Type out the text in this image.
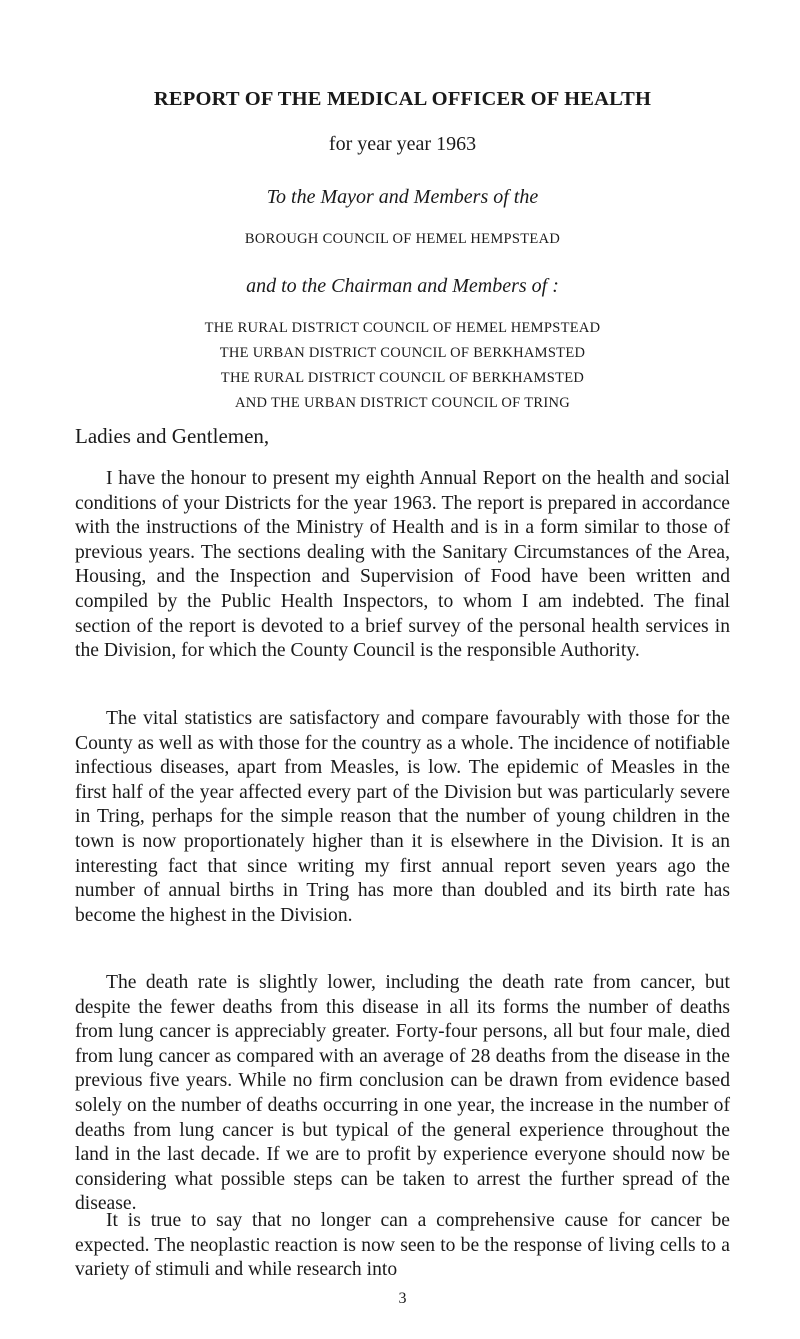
REPORT OF THE MEDICAL OFFICER OF HEALTH
for year year 1963
To the Mayor and Members of the
BOROUGH COUNCIL OF HEMEL HEMPSTEAD
and to the Chairman and Members of :
THE RURAL DISTRICT COUNCIL OF HEMEL HEMPSTEAD
THE URBAN DISTRICT COUNCIL OF BERKHAMSTED
THE RURAL DISTRICT COUNCIL OF BERKHAMSTED
AND THE URBAN DISTRICT COUNCIL OF TRING
Ladies and Gentlemen,

I have the honour to present my eighth Annual Report on the health and social conditions of your Districts for the year 1963. The report is prepared in accordance with the instructions of the Ministry of Health and is in a form similar to those of previous years. The sections dealing with the Sanitary Circumstances of the Area, Housing, and the Inspection and Supervision of Food have been written and compiled by the Public Health Inspectors, to whom I am indebted. The final section of the report is devoted to a brief survey of the personal health services in the Division, for which the County Council is the responsible Authority.

The vital statistics are satisfactory and compare favourably with those for the County as well as with those for the country as a whole. The incidence of notifiable infectious diseases, apart from Measles, is low. The epidemic of Measles in the first half of the year affected every part of the Division but was particularly severe in Tring, perhaps for the simple reason that the number of young children in the town is now proportionately higher than it is elsewhere in the Division. It is an interesting fact that since writing my first annual report seven years ago the number of annual births in Tring has more than doubled and its birth rate has become the highest in the Division.

The death rate is slightly lower, including the death rate from cancer, but despite the fewer deaths from this disease in all its forms the number of deaths from lung cancer is appreciably greater. Forty-four persons, all but four male, died from lung cancer as compared with an average of 28 deaths from the disease in the previous five years. While no firm conclusion can be drawn from evidence based solely on the number of deaths occurring in one year, the increase in the number of deaths from lung cancer is but typical of the general experience throughout the land in the last decade. If we are to profit by experience everyone should now be considering what possible steps can be taken to arrest the further spread of the disease.

It is true to say that no longer can a comprehensive cause for cancer be expected. The neoplastic reaction is now seen to be the response of living cells to a variety of stimuli and while research into

3
